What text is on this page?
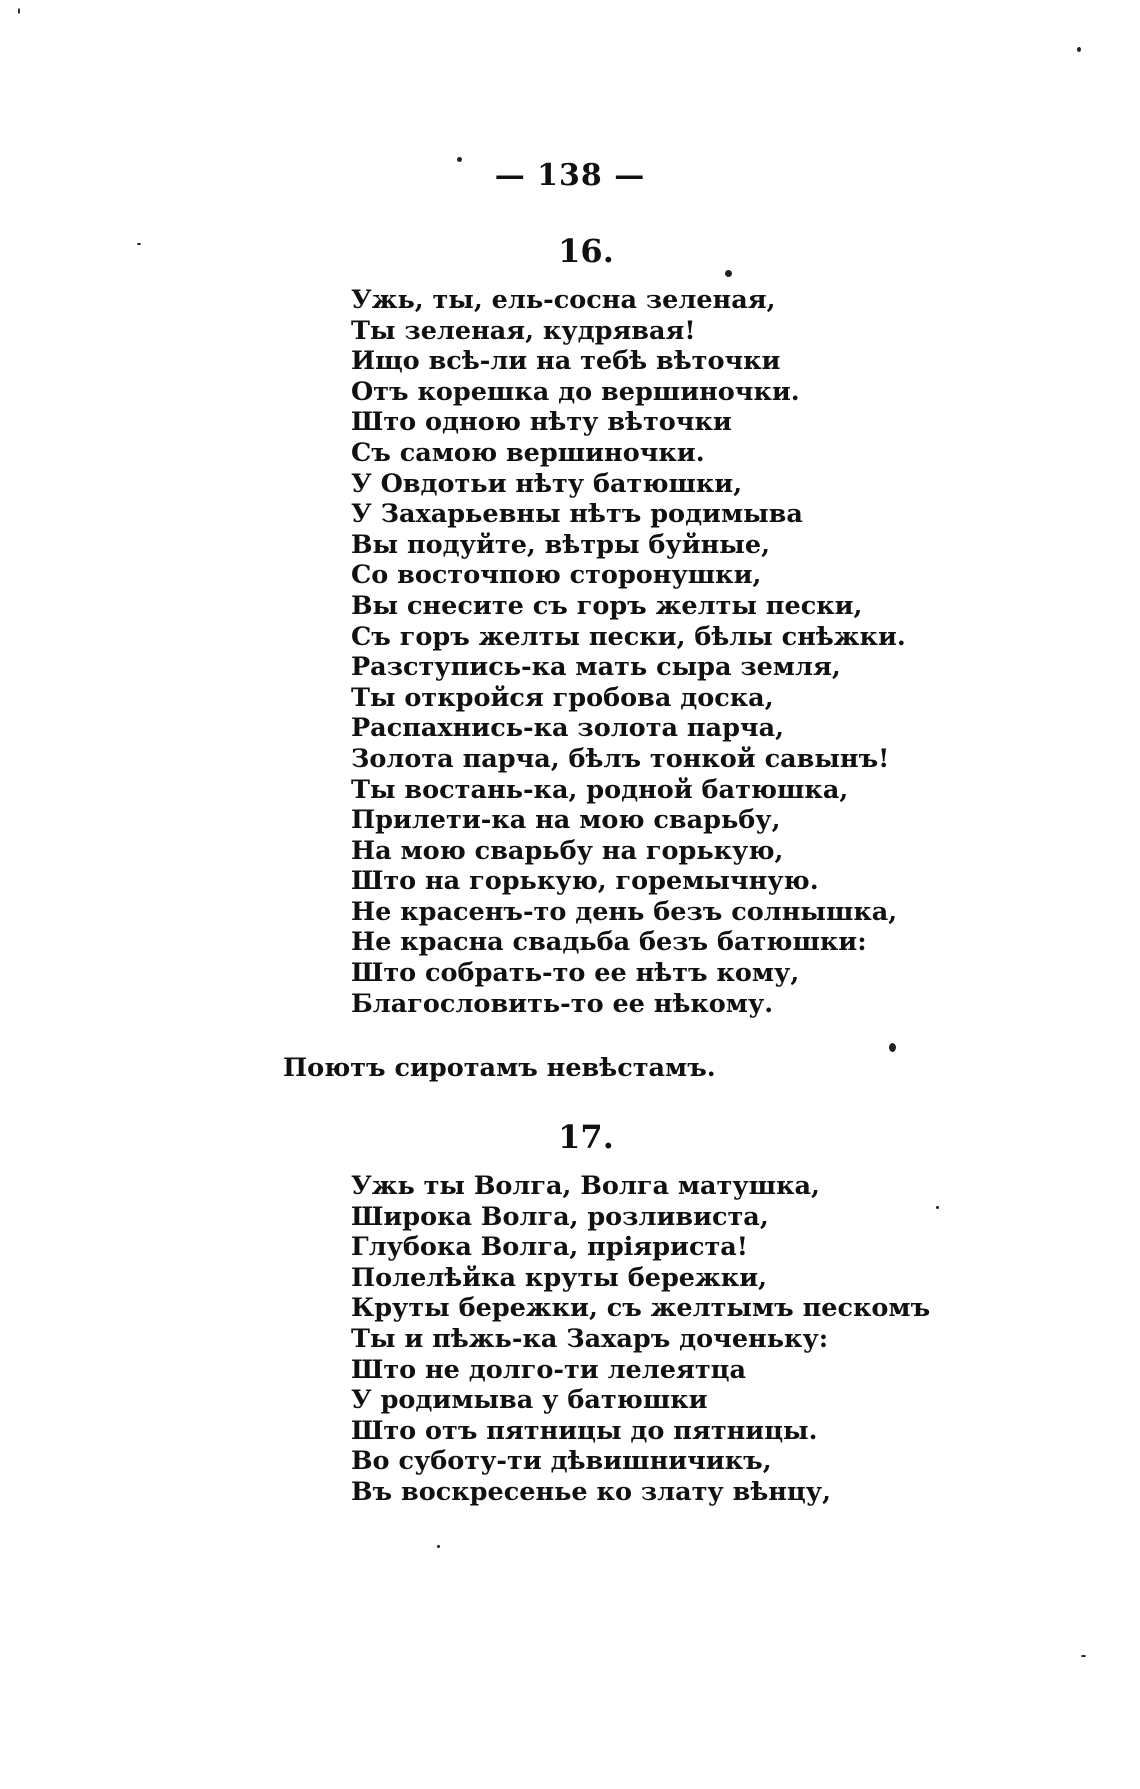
— 138 —
16.
Ужь, ты, ель-сосна зеленая,
Ты зеленая, кудрявая!
Ищо всѣ-ли на тебѣ вѣточки
Отъ корешка до вершиночки.
Што одною нѣту вѣточки
Съ самою вершиночки.
У Овдотьи нѣту батюшки,
У Захарьевны нѣтъ родимыва
Вы подуйте, вѣтры буйные,
Со восточпою сторонушки,
Вы снесите съ горъ желты пески,
Съ горъ желты пески, бѣлы снѣжки.
Разступись-ка мать сыра земля,
Ты откройся гробова доска,
Распахнись-ка золота парча,
Золота парча, бѣлъ тонкой савынъ!
Ты востань-ка, родной батюшка,
Прилети-ка на мою сварьбу,
На мою сварьбу на горькую,
Што на горькую, горемычную.
Не красенъ-то день безъ солнышка,
Не красна свадьба безъ батюшки:
Што собрать-то ее нѣтъ кому,
Благословить-то ее нѣкому.
Поютъ сиротамъ невѣстамъ.
17.
Ужь ты Волга, Волга матушка,
Широка Волга, розливиста,
Глубока Волга, пріяриста!
Полелѣйка круты бережки,
Круты бережки, съ желтымъ пескомъ
Ты и пѣжь-ка Захаръ доченьку:
Што не долго-ти лелеятца
У родимыва у батюшки
Што отъ пятницы до пятницы.
Во суботу-ти дѣвишничикъ,
Въ воскресенье ко злату вѣнцу,
